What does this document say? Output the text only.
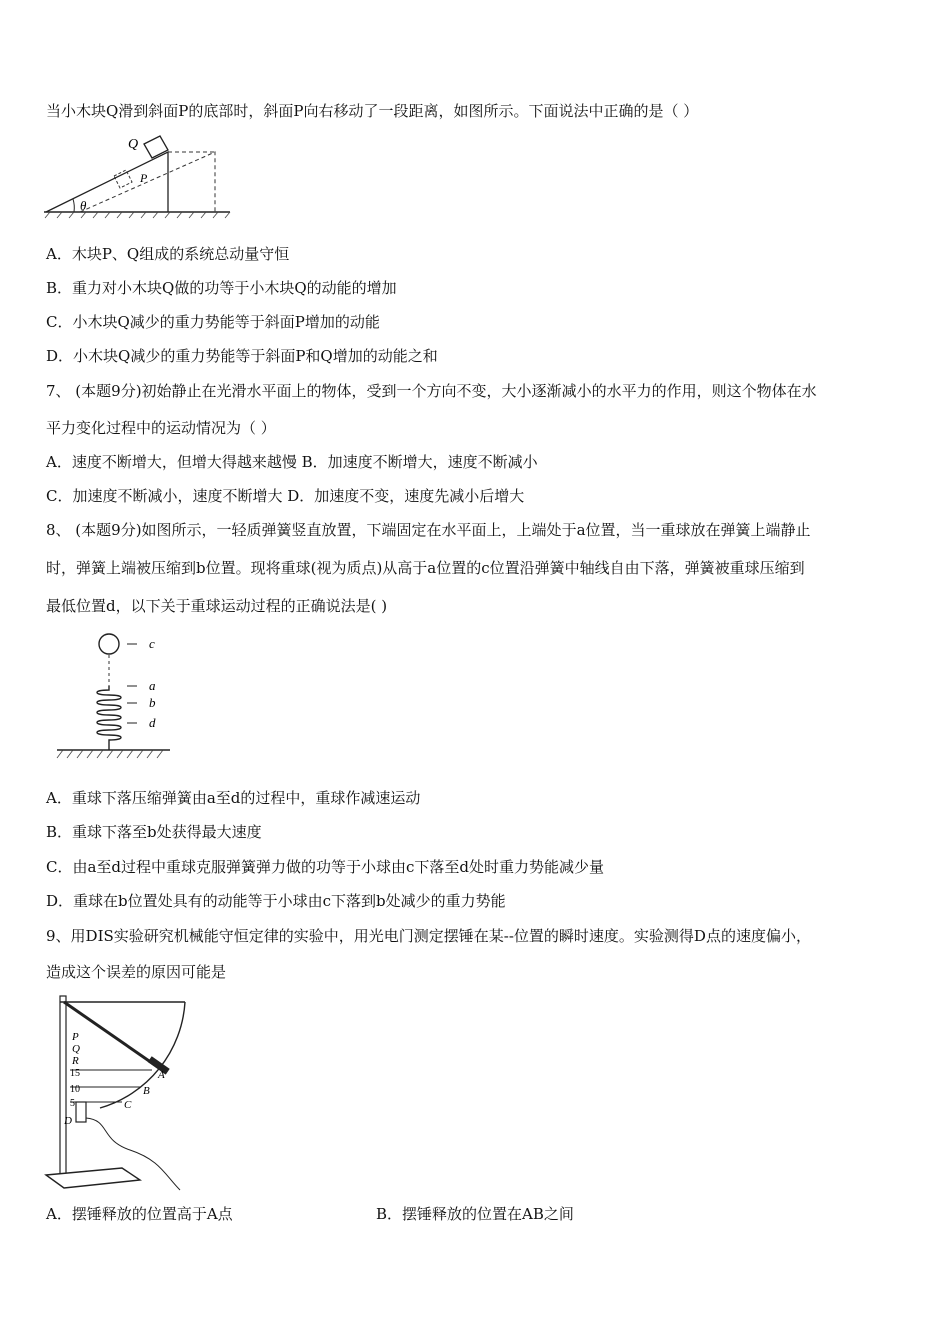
当小木块Q滑到斜面P的底部时，斜面P向右移动了一段距离，如图所示。下面说法中正确的是（ ）
Q
P
θ
A．木块P、Q组成的系统总动量守恒
B．重力对小木块Q做的功等于小木块Q的动能的增加
C．小木块Q减少的重力势能等于斜面P增加的动能
D．小木块Q减少的重力势能等于斜面P和Q增加的动能之和
7、 (本题9分)初始静止在光滑水平面上的物体，受到一个方向不变，大小逐渐减小的水平力的作用，则这个物体在水
平力变化过程中的运动情况为（ ）
A．速度不断增大，但增大得越来越慢 B．加速度不断增大，速度不断减小
C．加速度不断减小，速度不断增大 D．加速度不变，速度先减小后增大
8、 (本题9分)如图所示，一轻质弹簧竖直放置，下端固定在水平面上，上端处于a位置，当一重球放在弹簧上端静止
时，弹簧上端被压缩到b位置。现将重球(视为质点)从高于a位置的c位置沿弹簧中轴线自由下落，弹簧被重球压缩到
最低位置d，以下关于重球运动过程的正确说法是( )
c
a
b
d
A．重球下落压缩弹簧由a至d的过程中，重球作减速运动
B．重球下落至b处获得最大速度
C．由a至d过程中重球克服弹簧弹力做的功等于小球由c下落至d处时重力势能减少量
D．重球在b位置处具有的动能等于小球由c下落到b处减少的重力势能
9、用DIS实验研究机械能守恒定律的实验中，用光电门测定摆锤在某--位置的瞬时速度。实验测得D点的速度偏小，
造成这个误差的原因可能是
P
Q
R
15
10
5
A
B
C
D
A．摆锤释放的位置高于A点	B．摆锤释放的位置在AB之间
